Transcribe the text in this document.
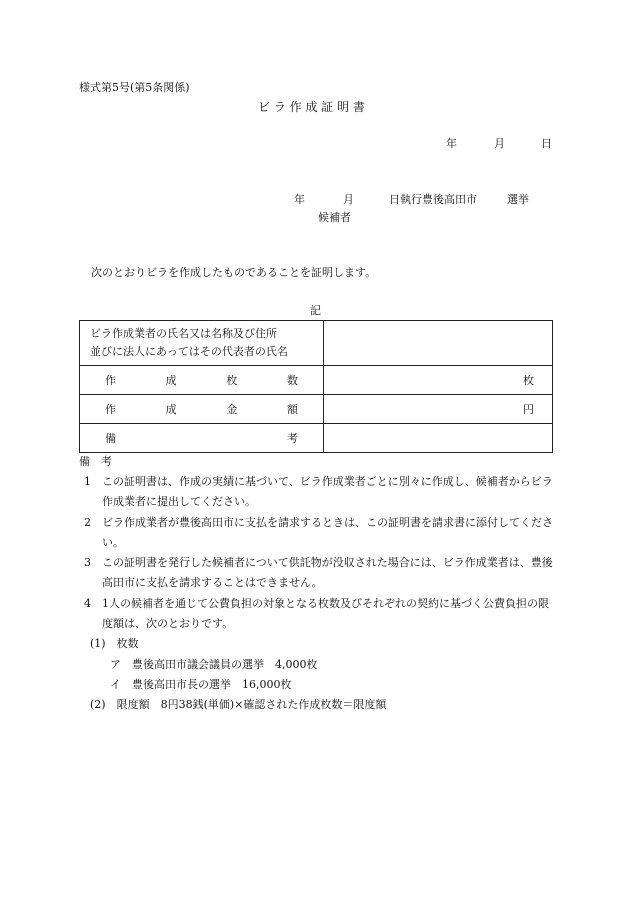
様式第5号(第5条関係)
ビ ラ 作 成 証 明 書
年	月	日
年	月	日執行豊後高田市	選挙
候補者
次のとおりビラを作成したものであることを証明します。
記
ビラ作成業者の氏名又は名称及び住所
並びに法人にあってはその代表者の氏名	

作 成 枚 数	枚

作 成 金 額	円

備 考	

備　考
1	この証明書は、作成の実績に基づいて、ビラ作成業者ごとに別々に作成し、候補者からビラ作成業者に提出してください。
2	ビラ作成業者が豊後高田市に支払を請求するときは、この証明書を請求書に添付してください。
3	この証明書を発行した候補者について供託物が没収された場合には、ビラ作成業者は、豊後高田市に支払を請求することはできません。
4	1人の候補者を通じて公費負担の対象となる枚数及びそれぞれの契約に基づく公費負担の限度額は、次のとおりです。
(1)　枚数
ア　豊後高田市議会議員の選挙　4,000枚
イ　豊後高田市長の選挙　16,000枚
(2)　限度額　8円38銭(単価)×確認された作成枚数＝限度額
